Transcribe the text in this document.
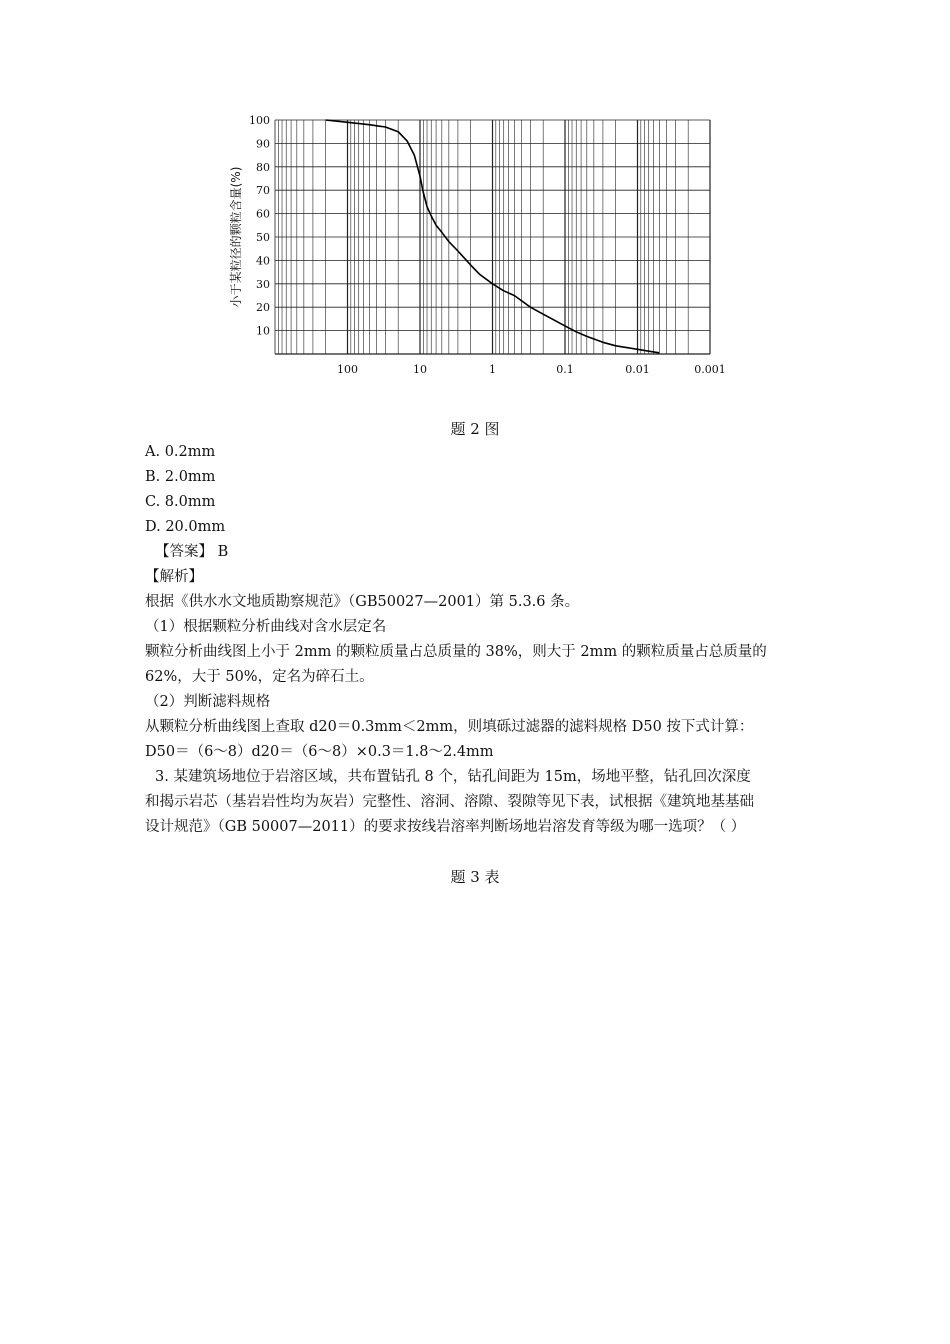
100
90
80
70
60
50
40
30
20
10
100	10	1	0.1	0.01	0.001
小于某粒径的颗粒含量(%)
题 2 图
A. 0.2mm
B. 2.0mm
C. 8.0mm
D. 20.0mm
【答案】 B
【解析】
根据《供水水文地质勘察规范》（GB50027—2001）第 5.3.6 条。
（1）根据颗粒分析曲线对含水层定名
颗粒分析曲线图上小于 2mm 的颗粒质量占总质量的 38%，则大于 2mm 的颗粒质量占总质量的
62%，大于 50%，定名为碎石土。
（2）判断滤料规格
从颗粒分析曲线图上查取 d20＝0.3mm＜2mm，则填砾过滤器的滤料规格 D50 按下式计算：
D50＝（6～8）d20＝（6～8）×0.3＝1.8～2.4mm
3. 某建筑场地位于岩溶区域，共布置钻孔 8 个，钻孔间距为 15m，场地平整，钻孔回次深度
和揭示岩芯（基岩岩性均为灰岩）完整性、溶洞、溶隙、裂隙等见下表，试根据《建筑地基基础
设计规范》（GB 50007—2011）的要求按线岩溶率判断场地岩溶发育等级为哪一选项？（ ）
题 3 表
